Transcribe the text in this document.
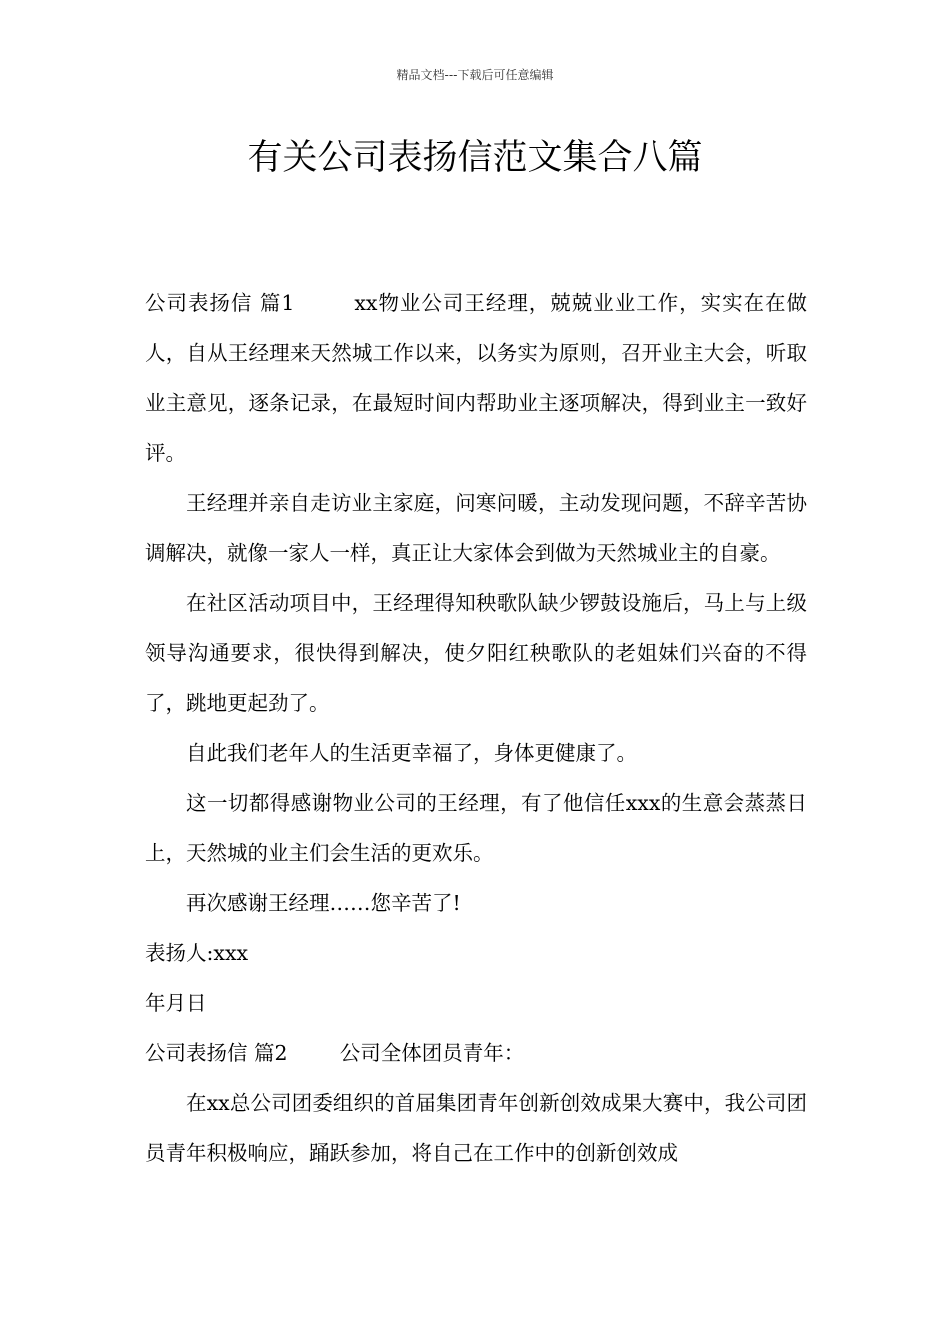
精品文档---下载后可任意编辑
有关公司表扬信范文集合八篇

公司表扬信 篇1	xx物业公司王经理，兢兢业业工作，实实在在做人，自从王经理来天然城工作以来，以务实为原则，召开业主大会，听取业主意见，逐条记录，在最短时间内帮助业主逐项解决，得到业主一致好评。

王经理并亲自走访业主家庭，问寒问暖，主动发现问题，不辞辛苦协调解决，就像一家人一样，真正让大家体会到做为天然城业主的自豪。

在社区活动项目中，王经理得知秧歌队缺少锣鼓设施后，马上与上级领导沟通要求，很快得到解决，使夕阳红秧歌队的老姐妹们兴奋的不得了，跳地更起劲了。

自此我们老年人的生活更幸福了，身体更健康了。

这一切都得感谢物业公司的王经理，有了他信任xxx的生意会蒸蒸日上，天然城的业主们会生活的更欢乐。

再次感谢王经理……您辛苦了!

表扬人:xxx

年月日

公司表扬信 篇2	公司全体团员青年：

在xx总公司团委组织的首届集团青年创新创效成果大赛中，我公司团员青年积极响应，踊跃参加，将自己在工作中的创新创效成
